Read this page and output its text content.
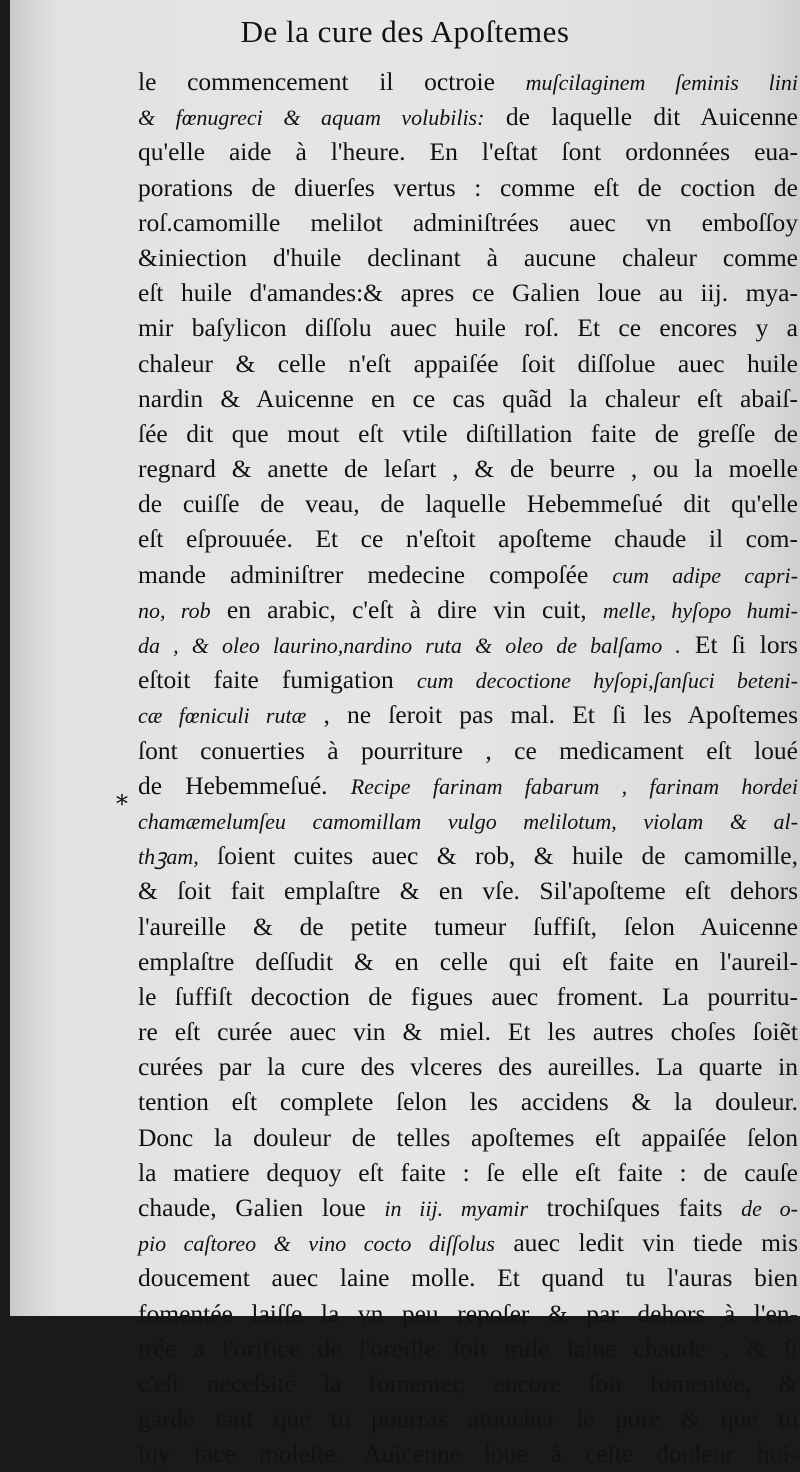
De la cure des Apoſtemes
*
le commencement il octroie muſcilaginem ſeminis lini
& fœnugreci & aquam volubilis: de laquelle dit Auicenne
qu'elle aide à l'heure. En l'eſtat ſont ordonnées eua-
porations de diuerſes vertus : comme eſt de coction de
roſ.camomille melilot adminiſtrées auec vn emboſſoy
&iniection d'huile declinant à aucune chaleur comme
eſt huile d'amandes:& apres ce Galien loue au iij. mya-
mir baſylicon diſſolu auec huile roſ. Et ce encores y a
chaleur & celle n'eſt appaiſée ſoit diſſolue auec huile
nardin & Auicenne en ce cas quãd la chaleur eſt abaiſ-
ſée dit que mout eſt vtile diſtillation faite de greſſe de
regnard & anette de leſart , & de beurre , ou la moelle
de cuiſſe de veau, de laquelle Hebemmeſué dit qu'elle
eſt eſprouuée. Et ce n'eſtoit apoſteme chaude il com-
mande adminiſtrer medecine compoſée cum adipe capri-
no, rob en arabic, c'eſt à dire vin cuit, melle, hyſopo humi-
da , & oleo laurino,nardino ruta & oleo de balſamo . Et ſi lors
eſtoit faite fumigation cum decoctione hyſopi,ſanſuci beteni-
cæ fœniculi rutæ , ne ſeroit pas mal. Et ſi les Apoſtemes
ſont conuerties à pourriture , ce medicament eſt loué
de Hebemmeſué. Recipe farinam fabarum , farinam hordei
chamæmelumſeu camomillam vulgo melilotum, violam & al-
thꝫam, ſoient cuites auec & rob, & huile de camomille,
& ſoit fait emplaſtre & en vſe. Sil'apoſteme eſt dehors
l'aureille & de petite tumeur ſuffiſt, ſelon Auicenne
emplaſtre deſſudit & en celle qui eſt faite en l'aureil-
le ſuffiſt decoction de figues auec froment. La pourritu-
re eſt curée auec vin & miel. Et les autres choſes ſoiẽt
curées par la cure des vlceres des aureilles. La quarte in
tention eſt complete ſelon les accidens & la douleur.
Donc la douleur de telles apoſtemes eſt appaiſée ſelon
la matiere dequoy eſt faite : ſe elle eſt faite : de cauſe
chaude, Galien loue in iij. myamir trochiſques faits de o-
pio caſtoreo & vino cocto diſſolus auec ledit vin tiede mis
doucement auec laine molle. Et quand tu l'auras bien
fomentée laiſſe la vn peu repoſer & par dehors à l'en-
trée a l'orifice de l'oreille ſoit miſe laine chaude , & ſi
c'eſt neceſsité la fomenter, encore ſoit fomentée, &
garde tant que tu pourras atoucher le pore & que tu
luy face moleſte. Auicenne loue à ceſte douleur hui-
